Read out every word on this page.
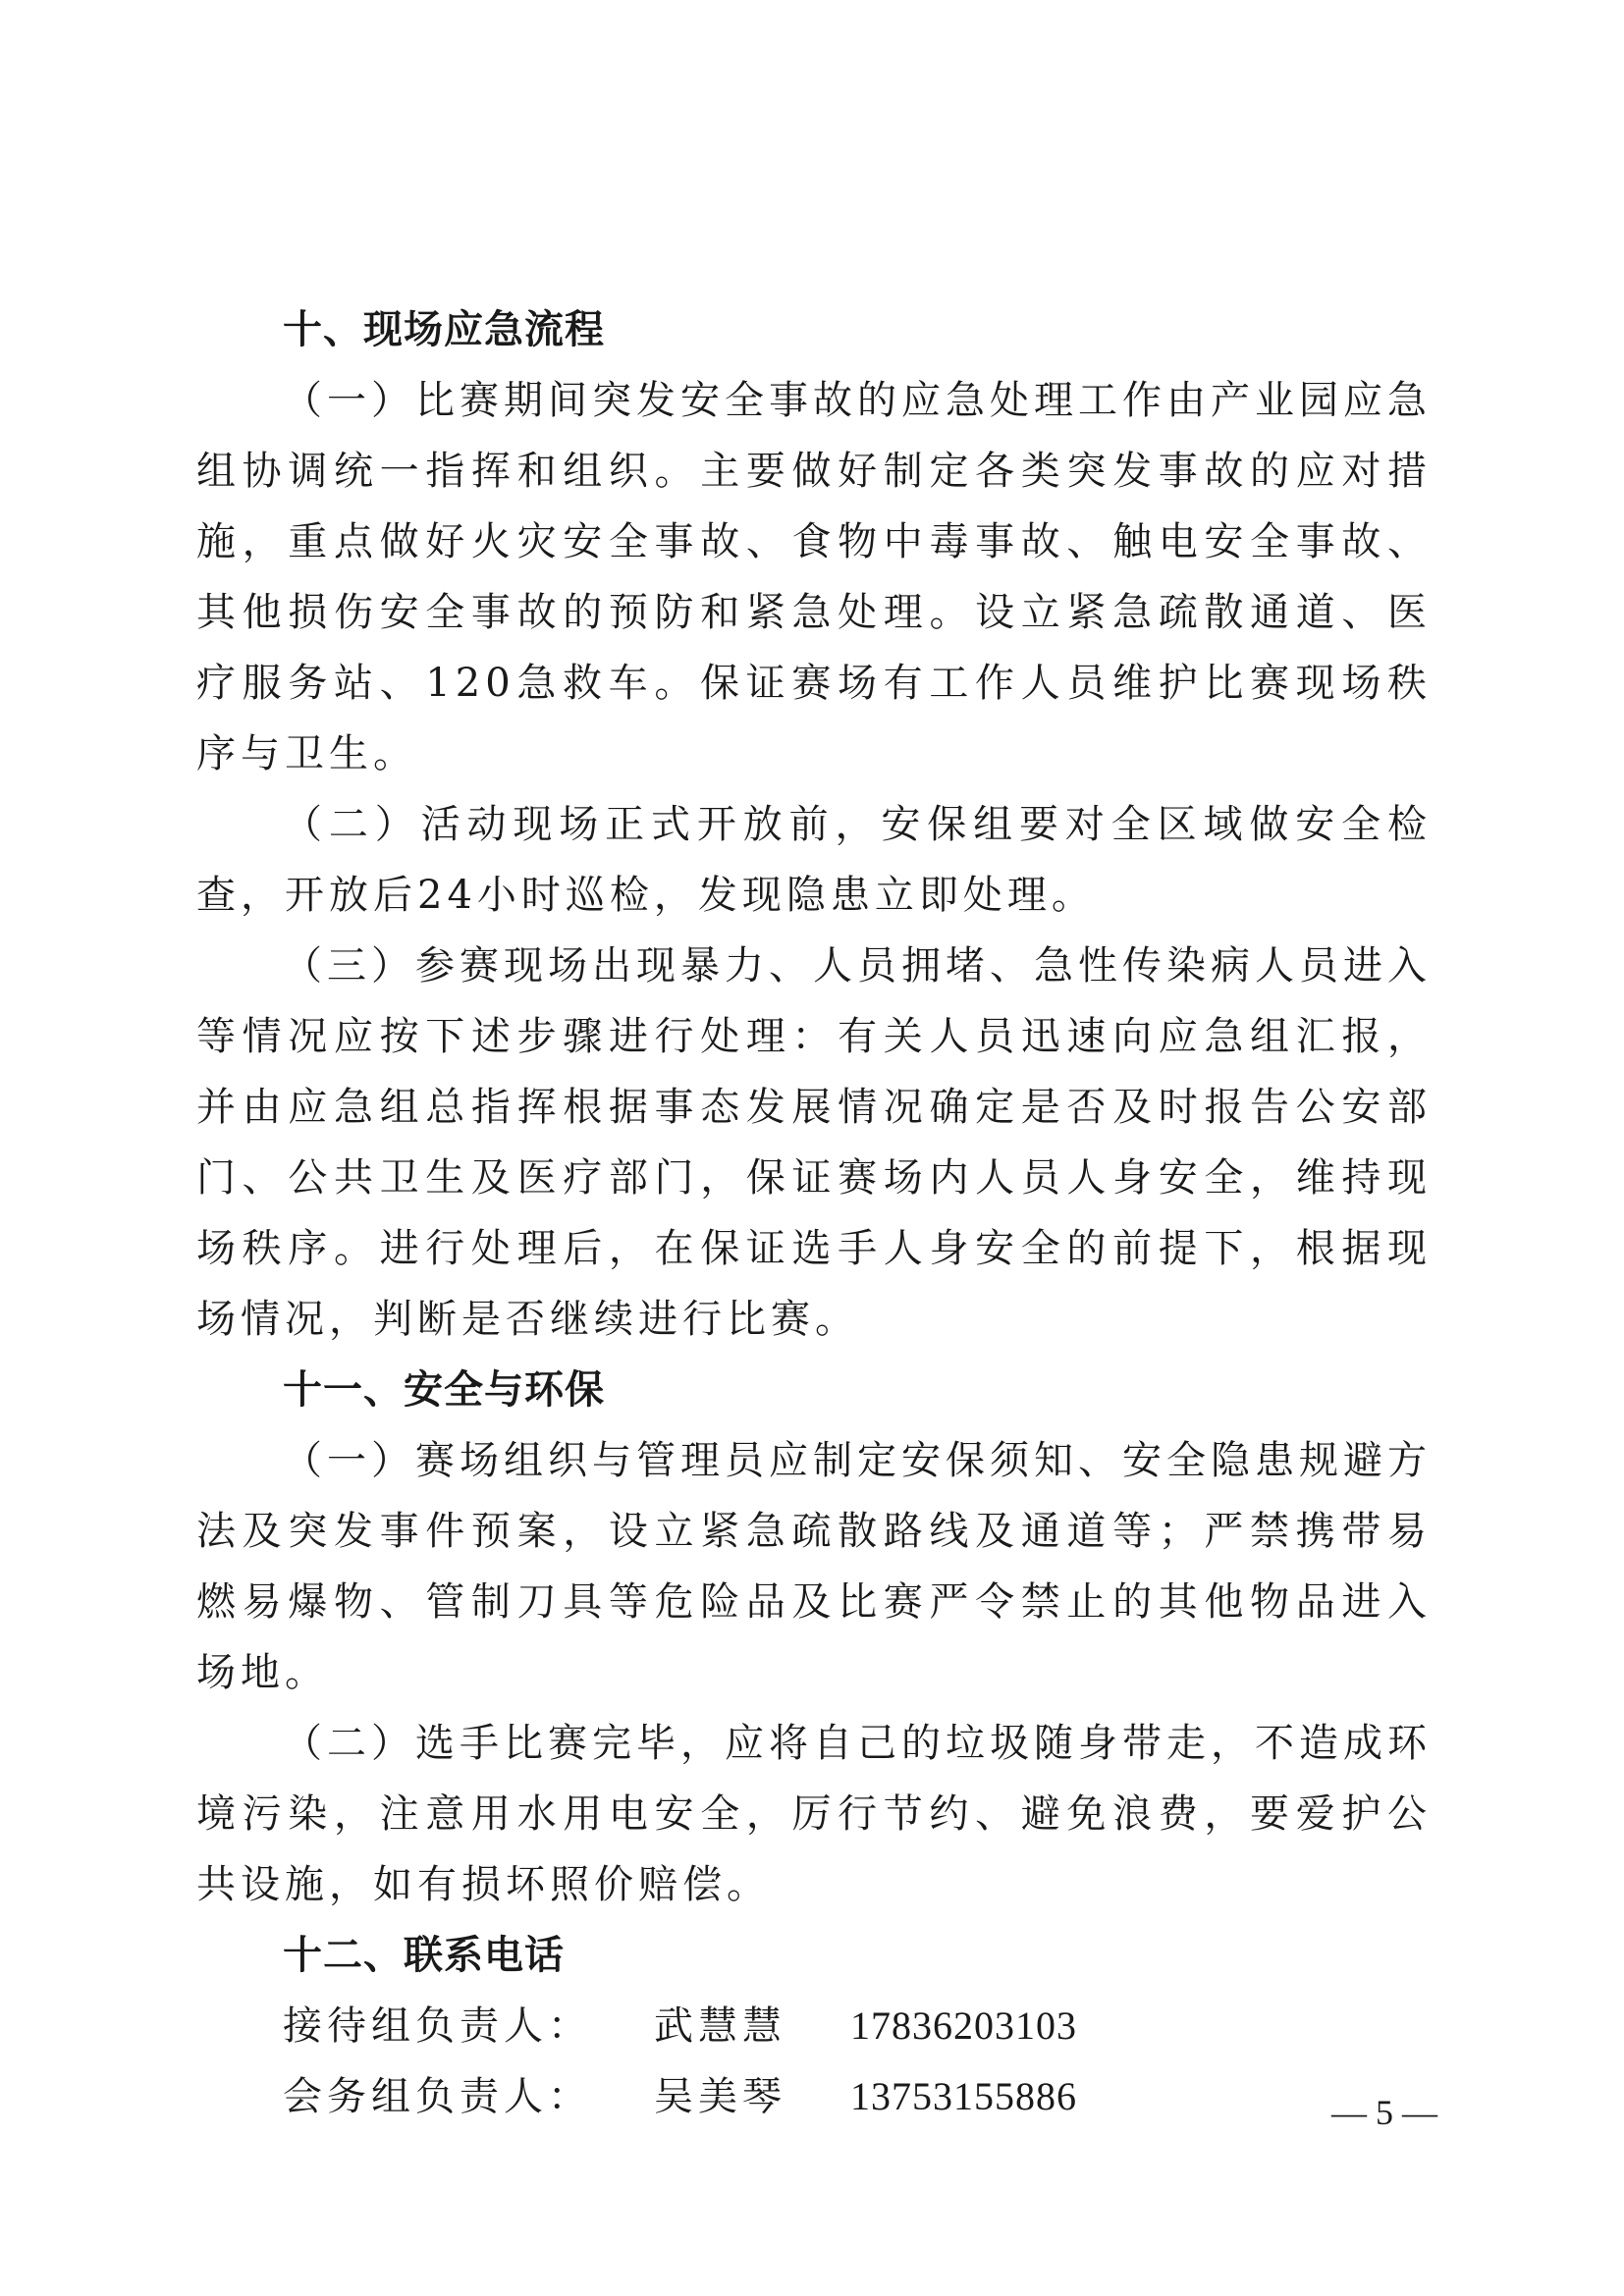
十、现场应急流程

（一）比赛期间突发安全事故的应急处理工作由产业园应急组协调统一指挥和组织。主要做好制定各类突发事故的应对措施，重点做好火灾安全事故、食物中毒事故、触电安全事故、其他损伤安全事故的预防和紧急处理。设立紧急疏散通道、医疗服务站、120急救车。保证赛场有工作人员维护比赛现场秩序与卫生。

（二）活动现场正式开放前，安保组要对全区域做安全检查，开放后24小时巡检，发现隐患立即处理。

（三）参赛现场出现暴力、人员拥堵、急性传染病人员进入等情况应按下述步骤进行处理：有关人员迅速向应急组汇报，并由应急组总指挥根据事态发展情况确定是否及时报告公安部门、公共卫生及医疗部门，保证赛场内人员人身安全，维持现场秩序。进行处理后，在保证选手人身安全的前提下，根据现场情况，判断是否继续进行比赛。

十一、安全与环保

（一）赛场组织与管理员应制定安保须知、安全隐患规避方法及突发事件预案，设立紧急疏散路线及通道等；严禁携带易燃易爆物、管制刀具等危险品及比赛严令禁止的其他物品进入场地。

（二）选手比赛完毕，应将自己的垃圾随身带走，不造成环境污染，注意用水用电安全，厉行节约、避免浪费，要爱护公共设施，如有损坏照价赔偿。

十二、联系电话
接待组负责人：	武慧慧	17836203103
会务组负责人：	吴美琴	13753155886	— 5 —
